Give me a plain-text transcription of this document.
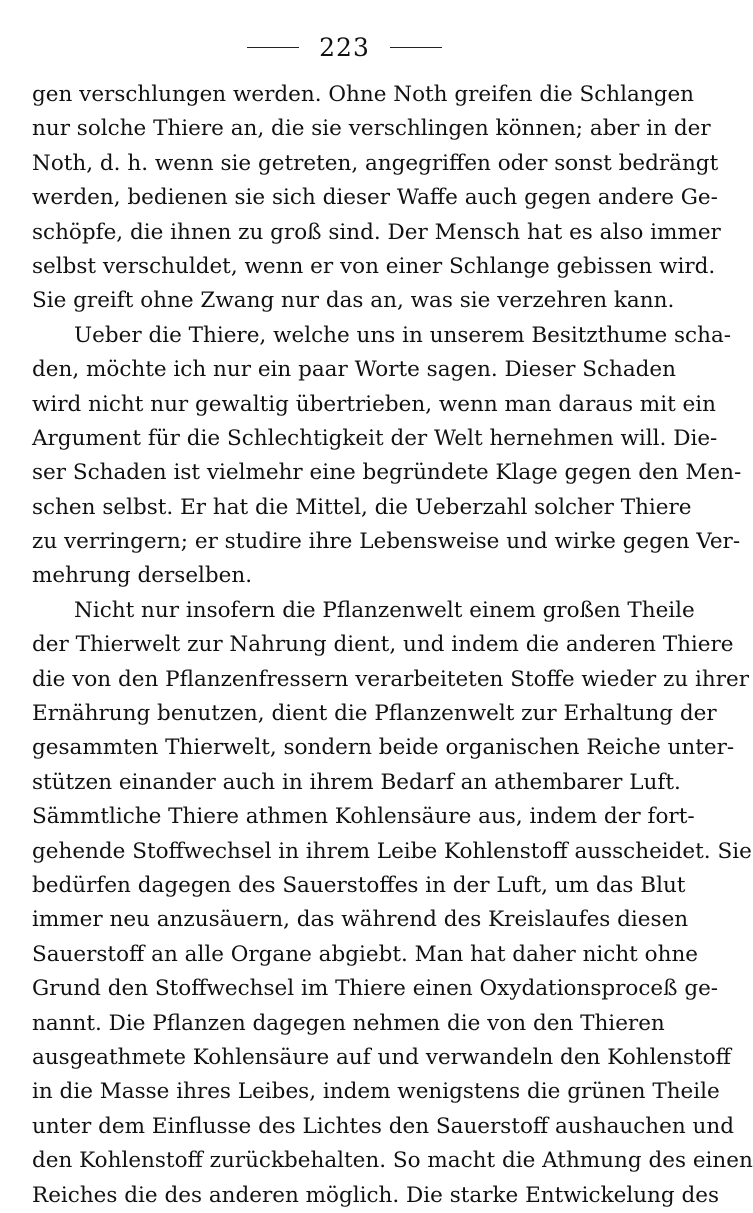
223
gen verschlungen werden. Ohne Noth greifen die Schlangen
nur solche Thiere an, die sie verschlingen können; aber in der
Noth, d. h. wenn sie getreten, angegriffen oder sonst bedrängt
werden, bedienen sie sich dieser Waffe auch gegen andere Ge-
schöpfe, die ihnen zu groß sind. Der Mensch hat es also immer
selbst verschuldet, wenn er von einer Schlange gebissen wird.
Sie greift ohne Zwang nur das an, was sie verzehren kann.
Ueber die Thiere, welche uns in unserem Besitzthume scha-
den, möchte ich nur ein paar Worte sagen. Dieser Schaden
wird nicht nur gewaltig übertrieben, wenn man daraus mit ein
Argument für die Schlechtigkeit der Welt hernehmen will. Die-
ser Schaden ist vielmehr eine begründete Klage gegen den Men-
schen selbst. Er hat die Mittel, die Ueberzahl solcher Thiere
zu verringern; er studire ihre Lebensweise und wirke gegen Ver-
mehrung derselben.
Nicht nur insofern die Pflanzenwelt einem großen Theile
der Thierwelt zur Nahrung dient, und indem die anderen Thiere
die von den Pflanzenfressern verarbeiteten Stoffe wieder zu ihrer
Ernährung benutzen, dient die Pflanzenwelt zur Erhaltung der
gesammten Thierwelt, sondern beide organischen Reiche unter-
stützen einander auch in ihrem Bedarf an athembarer Luft.
Sämmtliche Thiere athmen Kohlensäure aus, indem der fort-
gehende Stoffwechsel in ihrem Leibe Kohlenstoff ausscheidet. Sie
bedürfen dagegen des Sauerstoffes in der Luft, um das Blut
immer neu anzusäuern, das während des Kreislaufes diesen
Sauerstoff an alle Organe abgiebt. Man hat daher nicht ohne
Grund den Stoffwechsel im Thiere einen Oxydationsproceß ge-
nannt. Die Pflanzen dagegen nehmen die von den Thieren
ausgeathmete Kohlensäure auf und verwandeln den Kohlenstoff
in die Masse ihres Leibes, indem wenigstens die grünen Theile
unter dem Einflusse des Lichtes den Sauerstoff aushauchen und
den Kohlenstoff zurückbehalten. So macht die Athmung des einen
Reiches die des anderen möglich. Die starke Entwickelung des
